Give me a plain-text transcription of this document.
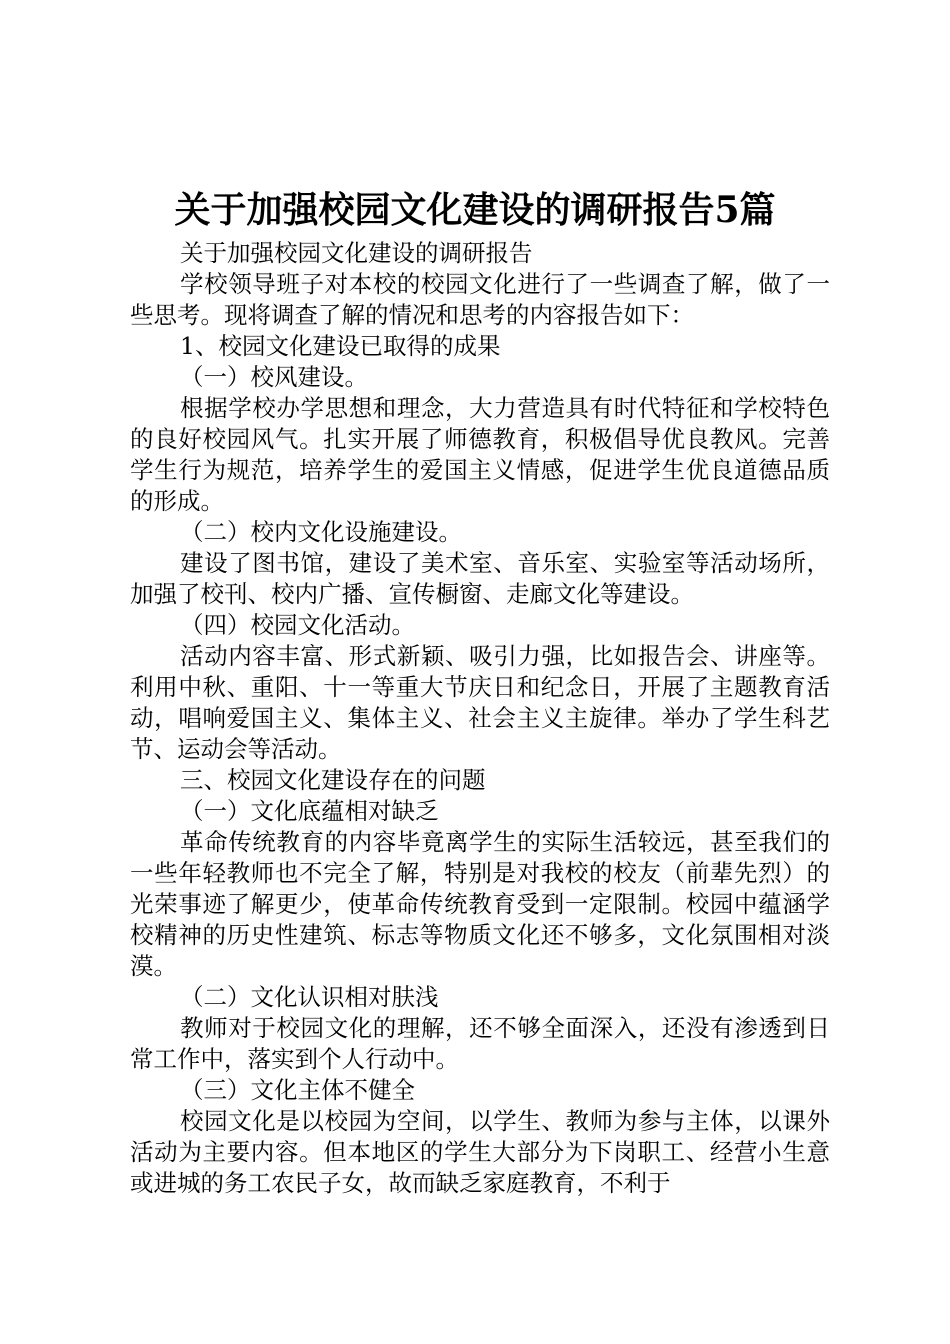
关于加强校园文化建设的调研报告5篇

关于加强校园文化建设的调研报告

学校领导班子对本校的校园文化进行了一些调查了解，做了一些思考。现将调查了解的情况和思考的内容报告如下：

1、校园文化建设已取得的成果

（一）校风建设。

根据学校办学思想和理念，大力营造具有时代特征和学校特色的良好校园风气。扎实开展了师德教育，积极倡导优良教风。完善学生行为规范，培养学生的爱国主义情感，促进学生优良道德品质的形成。

（二）校内文化设施建设。

建设了图书馆，建设了美术室、音乐室、实验室等活动场所，加强了校刊、校内广播、宣传橱窗、走廊文化等建设。

（四）校园文化活动。

活动内容丰富、形式新颖、吸引力强，比如报告会、讲座等。利用中秋、重阳、十一等重大节庆日和纪念日，开展了主题教育活动，唱响爱国主义、集体主义、社会主义主旋律。举办了学生科艺节、运动会等活动。

三、校园文化建设存在的问题

（一）文化底蕴相对缺乏

革命传统教育的内容毕竟离学生的实际生活较远，甚至我们的一些年轻教师也不完全了解，特别是对我校的校友（前辈先烈）的光荣事迹了解更少，使革命传统教育受到一定限制。校园中蕴涵学校精神的历史性建筑、标志等物质文化还不够多，文化氛围相对淡漠。

（二）文化认识相对肤浅

教师对于校园文化的理解，还不够全面深入，还没有渗透到日常工作中，落实到个人行动中。

（三）文化主体不健全

校园文化是以校园为空间，以学生、教师为参与主体，以课外活动为主要内容。但本地区的学生大部分为下岗职工、经营小生意或进城的务工农民子女，故而缺乏家庭教育，不利于
